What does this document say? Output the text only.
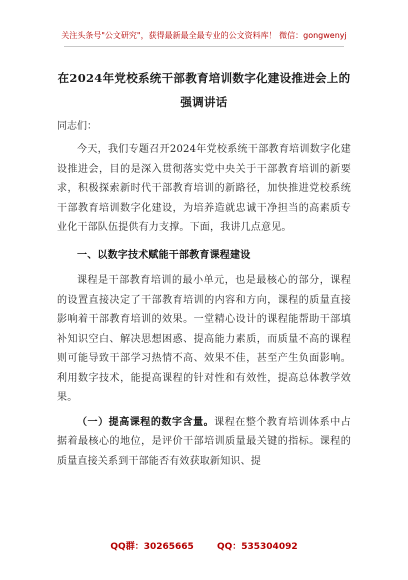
关注头条号"公文研究"，获得最新最全最专业的公文资料库！ 微信：gongwenyj
在2024年党校系统干部教育培训数字化建设推进会上的强调讲话
同志们：

今天，我们专题召开2024年党校系统干部教育培训数字化建设推进会，目的是深入贯彻落实党中央关于干部教育培训的新要求，积极探索新时代干部教育培训的新路径，加快推进党校系统干部教育培训数字化建设，为培养造就忠诚干净担当的高素质专业化干部队伍提供有力支撑。下面，我讲几点意见。

一、以数字技术赋能干部教育课程建设

课程是干部教育培训的最小单元，也是最核心的部分，课程的设置直接决定了干部教育培训的内容和方向，课程的质量直接影响着干部教育培训的效果。一堂精心设计的课程能帮助干部填补知识空白、解决思想困惑、提高能力素质，而质量不高的课程则可能导致干部学习热情不高、效果不佳，甚至产生负面影响。利用数字技术，能提高课程的针对性和有效性，提高总体教学效果。

（一）提高课程的数字含量。课程在整个教育培训体系中占据着最核心的地位，是评价干部培训质量最关键的指标。课程的质量直接关系到干部能否有效获取新知识、提

QQ群：30265665	QQ：535304092
